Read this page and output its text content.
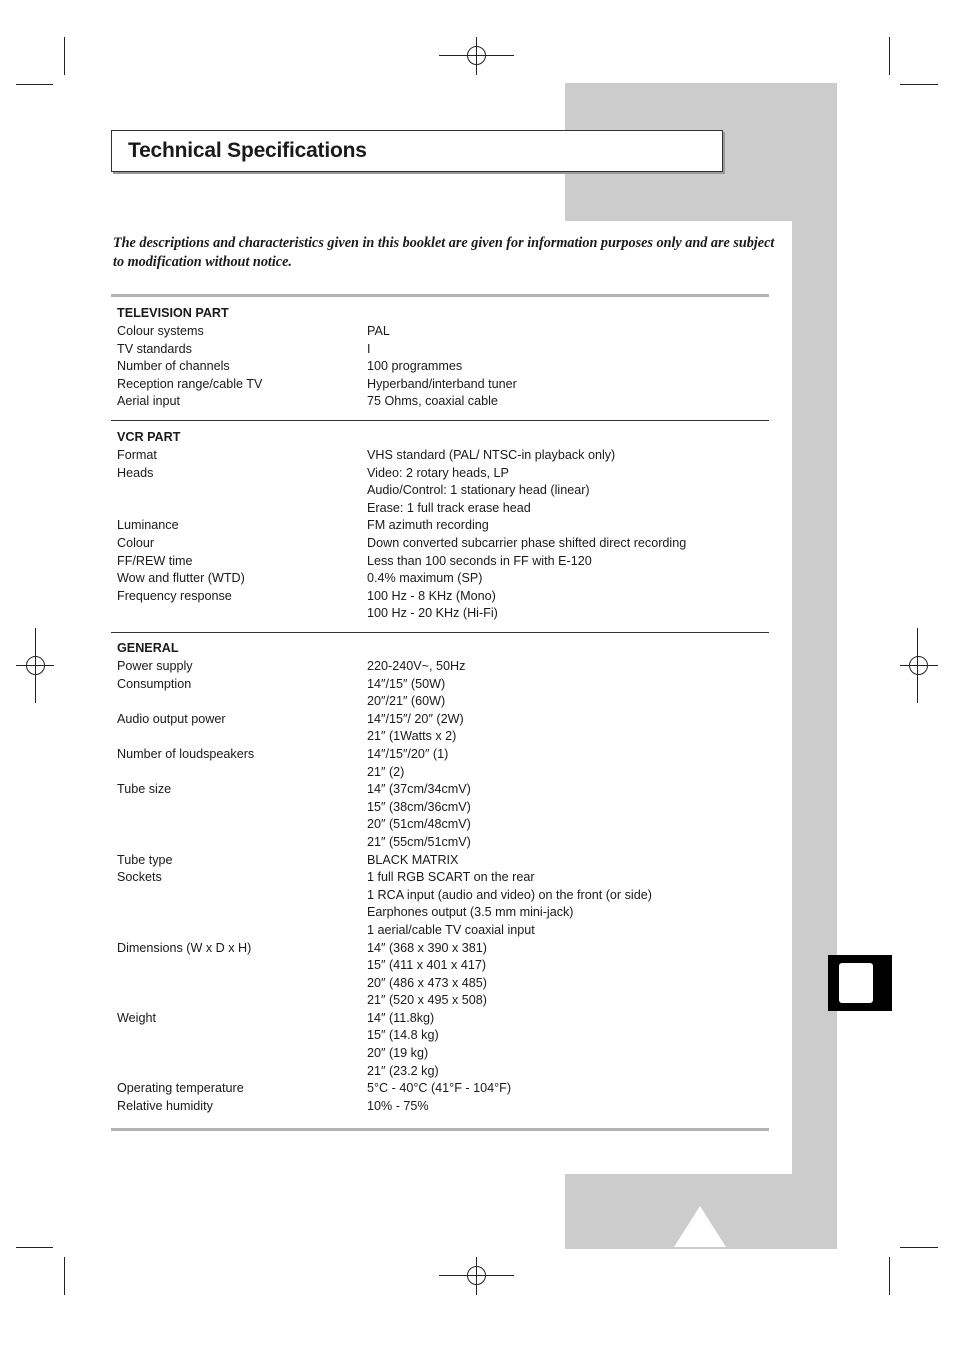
Technical Specifications
The descriptions and characteristics given in this booklet are given for information purposes only and are subject to modification without notice.
TELEVISION PART
Colour systems	PAL
TV standards	I
Number of channels	100 programmes
Reception range/cable TV	Hyperband/interband tuner
Aerial input	75 Ohms, coaxial cable
VCR PART
Format	VHS standard (PAL/ NTSC-in playback only)
Heads	Video: 2 rotary heads, LP
Audio/Control: 1 stationary head (linear)
Erase: 1 full track erase head
Luminance	FM azimuth recording
Colour	Down converted subcarrier phase shifted direct recording
FF/REW time	Less than 100 seconds in FF with E-120
Wow and flutter (WTD)	0.4% maximum (SP)
Frequency response	100 Hz - 8 KHz (Mono)
100 Hz - 20 KHz (Hi-Fi)
GENERAL
Power supply	220-240V~, 50Hz
Consumption	14″/15″ (50W)
20″/21″ (60W)
Audio output power	14″/15″/ 20″ (2W)
21″ (1Watts x 2)
Number of loudspeakers	14″/15″/20″ (1)
21″ (2)
Tube size	14″ (37cm/34cmV)
15″ (38cm/36cmV)
20″ (51cm/48cmV)
21″ (55cm/51cmV)
Tube type	BLACK MATRIX
Sockets	1 full RGB SCART on the rear
1 RCA input (audio and video) on the front (or side)
Earphones output (3.5 mm mini-jack)
1 aerial/cable TV coaxial input
Dimensions (W x D x H)	14″ (368 x 390 x 381)
15″ (411 x 401 x 417)
20″ (486 x 473 x 485)
21″ (520 x 495 x 508)
Weight	14″ (11.8kg)
15″ (14.8 kg)
20″ (19 kg)
21″ (23.2 kg)
Operating temperature	5°C - 40°C (41°F - 104°F)
Relative humidity	10% - 75%
